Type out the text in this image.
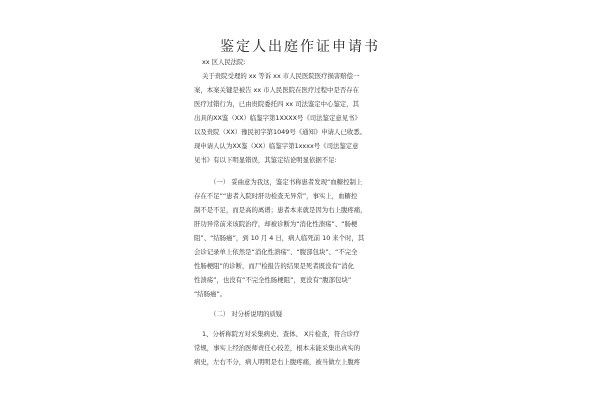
鉴定人出庭作证申请书
xx 区人民法院:
关于贵院受理的 xx 等诉 xx 市人民医院医疗损害赔偿一
案，本案关键是被告 xx 市人民医院在医疗过程中是否存在
医疗过错行为，已由贵院委托四 xx 司法鉴定中心鉴定，其
出具的XX鉴（XX）临鉴字第1XXXX号《司法鉴定意见书》
以及贵院（XX）豫民初字第1049号《通知》申请人已收悉。
现申请人认为XX鉴（XX）临鉴字第1xxxx号《司法鉴定意
见书》有以下明显错误，其鉴定结论明显依据不足:
（一） 妥曲意为我这，鉴定书称患者发现“血糖控制上
存在不足”“患者入院时肝功检查无异常”，事实上，血糖控
制不是不足，而是高的离谱；患者本来就是因为右上腹疼痛，
肝功异常前来该院治疗，却被诊断为“消化性溃疡”、“肠梗
阻”、“结肠癌”，到 10 月 4 日，病人临死前 10 来个时，其
会诊记录单上依然是“消化性溃疡”、“腹部包块”、“不完全
性肠梗阻”的诊断，而尸检报告的结果是死者既没有“消化
性溃疡”，也没有“不完全性肠梗阻”，更没有“腹部包块”
“结肠癌”。
（二） 对分析说明的质疑
1、分析称院方对采集病史、查体、 X片检查，符合诊疗
常规，事实上经治医师责任心较差，根本未能采集出真实的
病史，左右不分，病人明明是右上腹疼痛，被当做左上腹疼
